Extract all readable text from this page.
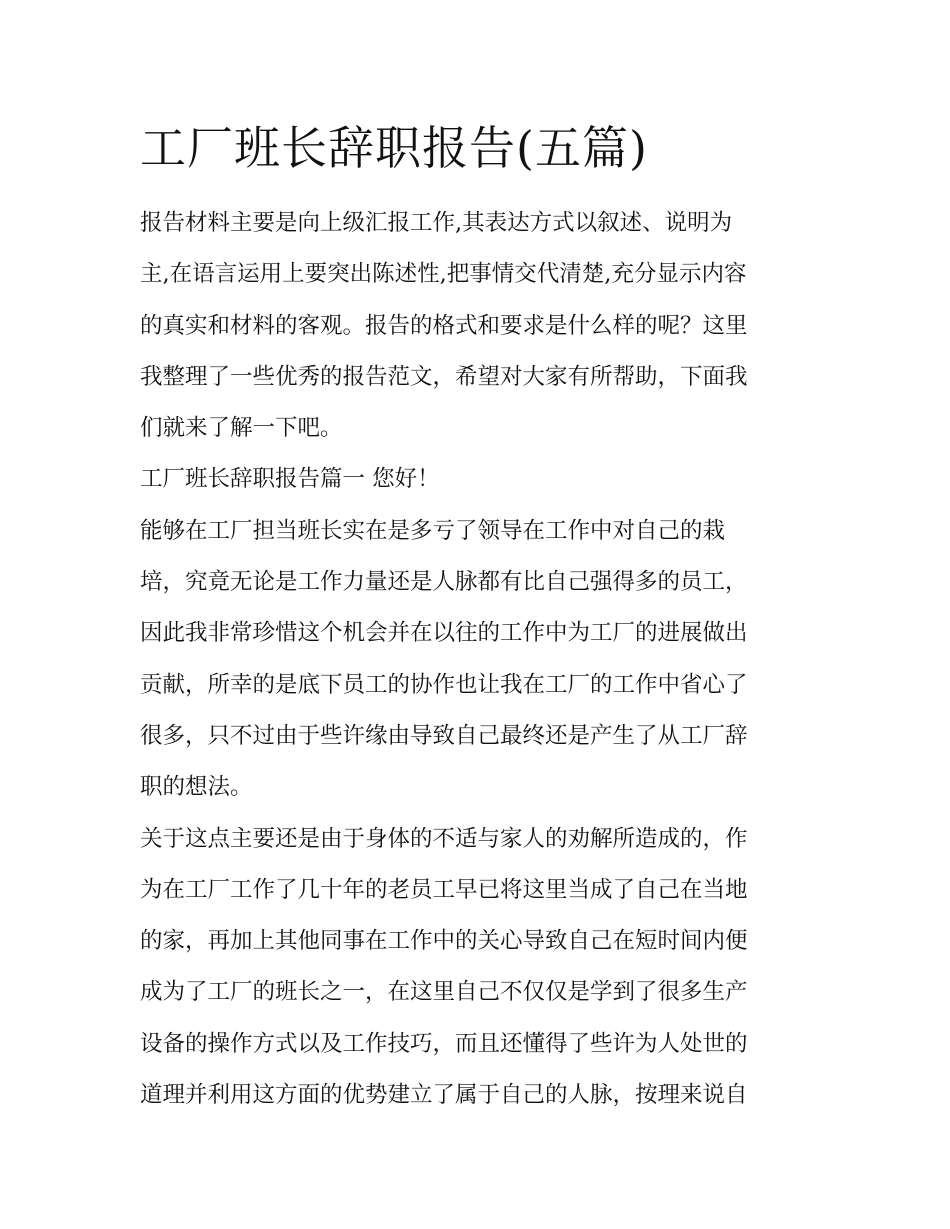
工厂班长辞职报告(五篇)
报告材料主要是向上级汇报工作,其表达方式以叙述、说明为
主,在语言运用上要突出陈述性,把事情交代清楚,充分显示内容
的真实和材料的客观。报告的格式和要求是什么样的呢？这里
我整理了一些优秀的报告范文，希望对大家有所帮助，下面我
们就来了解一下吧。
工厂班长辞职报告篇一 您好！
能够在工厂担当班长实在是多亏了领导在工作中对自己的栽
培，究竟无论是工作力量还是人脉都有比自己强得多的员工，
因此我非常珍惜这个机会并在以往的工作中为工厂的进展做出
贡献，所幸的是底下员工的协作也让我在工厂的工作中省心了
很多，只不过由于些许缘由导致自己最终还是产生了从工厂辞
职的想法。
关于这点主要还是由于身体的不适与家人的劝解所造成的，作
为在工厂工作了几十年的老员工早已将这里当成了自己在当地
的家，再加上其他同事在工作中的关心导致自己在短时间内便
成为了工厂的班长之一，在这里自己不仅仅是学到了很多生产
设备的操作方式以及工作技巧，而且还懂得了些许为人处世的
道理并利用这方面的优势建立了属于自己的人脉，按理来说自
